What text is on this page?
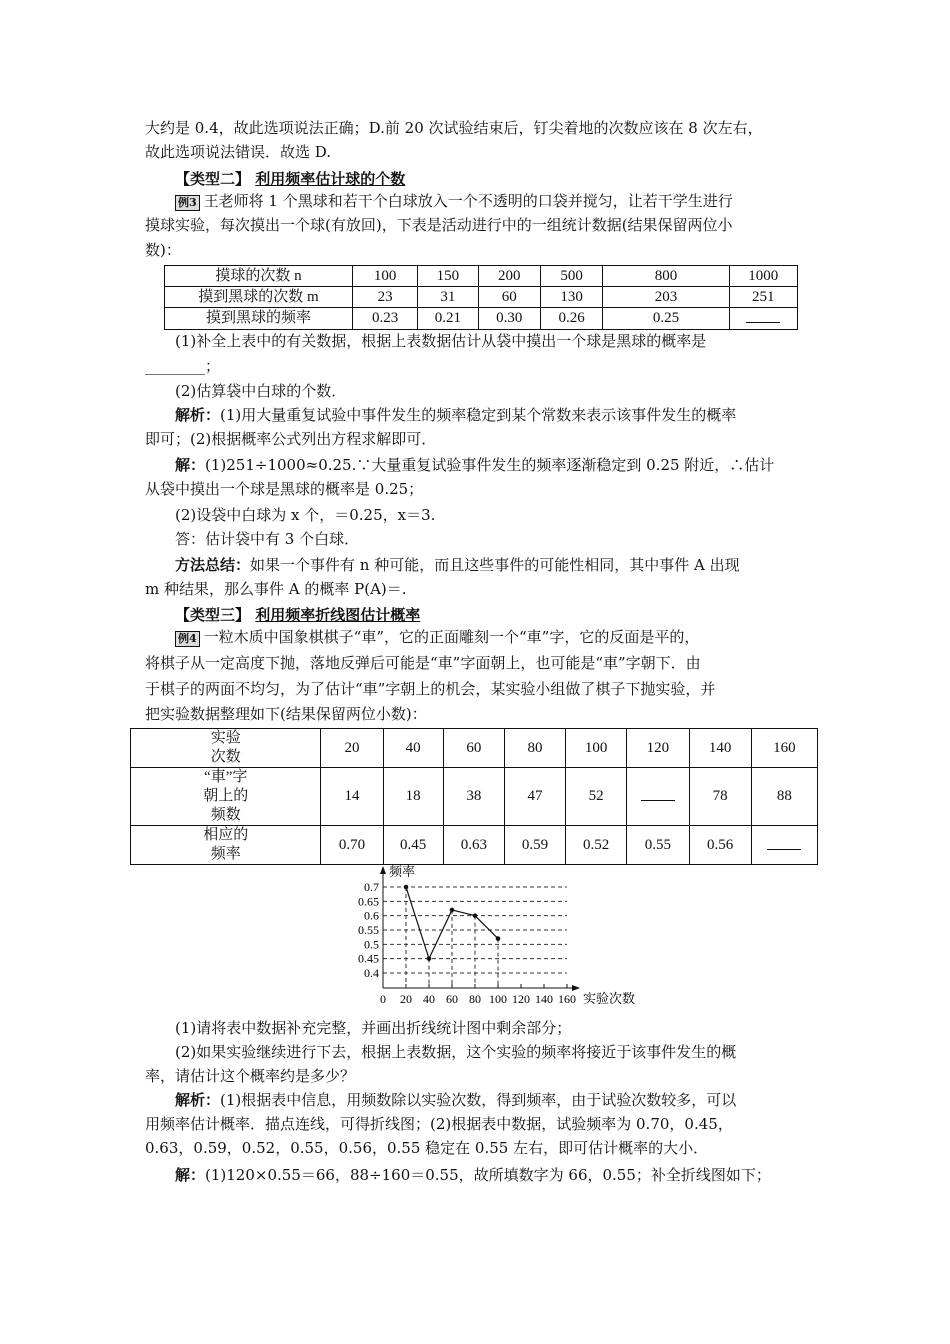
大约是 0.4，故此选项说法正确；D.前 20 次试验结束后，钉尖着地的次数应该在 8 次左右，
故此选项说法错误．故选 D.
【类型二】 利用频率估计球的个数
例3 王老师将 1 个黑球和若干个白球放入一个不透明的口袋并搅匀，让若干学生进行
摸球实验，每次摸出一个球(有放回)，下表是活动进行中的一组统计数据(结果保留两位小
数)：
摸球的次数 n	100	150	200	500	800	1000
摸到黑球的次数 m	23	31	60	130	203	251
摸到黑球的频率	0.23	0.21	0.30	0.26	0.25	
(1)补全上表中的有关数据，根据上表数据估计从袋中摸出一个球是黑球的概率是
________；
(2)估算袋中白球的个数．
解析：(1)用大量重复试验中事件发生的频率稳定到某个常数来表示该事件发生的概率
即可；(2)根据概率公式列出方程求解即可．
解：(1)251÷1000≈0.25.∵大量重复试验事件发生的频率逐渐稳定到 0.25 附近，∴估计
从袋中摸出一个球是黑球的概率是 0.25；
(2)设袋中白球为 x 个，＝0.25，x＝3.
答：估计袋中有 3 个白球．
方法总结：如果一个事件有 n 种可能，而且这些事件的可能性相同，其中事件 A 出现
m 种结果，那么事件 A 的概率 P(A)＝.
【类型三】 利用频率折线图估计概率
例4 一粒木质中国象棋棋子“車”，它的正面雕刻一个“車”字，它的反面是平的，
将棋子从一定高度下抛，落地反弹后可能是“車”字面朝上，也可能是“車”字朝下．由
于棋子的两面不均匀，为了估计“車”字朝上的机会，某实验小组做了棋子下抛实验，并
把实验数据整理如下(结果保留两位小数)：
实验
次数	20	40	60	80	100	120	140	160

“車”字
朝上的
频数	14	18	38	47	52		78	88

相应的
频率	0.70	0.45	0.63	0.59	0.52	0.55	0.56	
0.4
0.45
0.5
0.55
0.6
0.65
0.7
0 20 40 60 80 100 120 140 160
频率
实验次数
(1)请将表中数据补充完整，并画出折线统计图中剩余部分；
(2)如果实验继续进行下去，根据上表数据，这个实验的频率将接近于该事件发生的概
率，请估计这个概率约是多少？
解析：(1)根据表中信息，用频数除以实验次数，得到频率，由于试验次数较多，可以
用频率估计概率．描点连线，可得折线图；(2)根据表中数据，试验频率为 0.70，0.45，
0.63，0.59，0.52，0.55，0.56，0.55 稳定在 0.55 左右，即可估计概率的大小．
解：(1)120×0.55＝66，88÷160＝0.55，故所填数字为 66，0.55；补全折线图如下；
